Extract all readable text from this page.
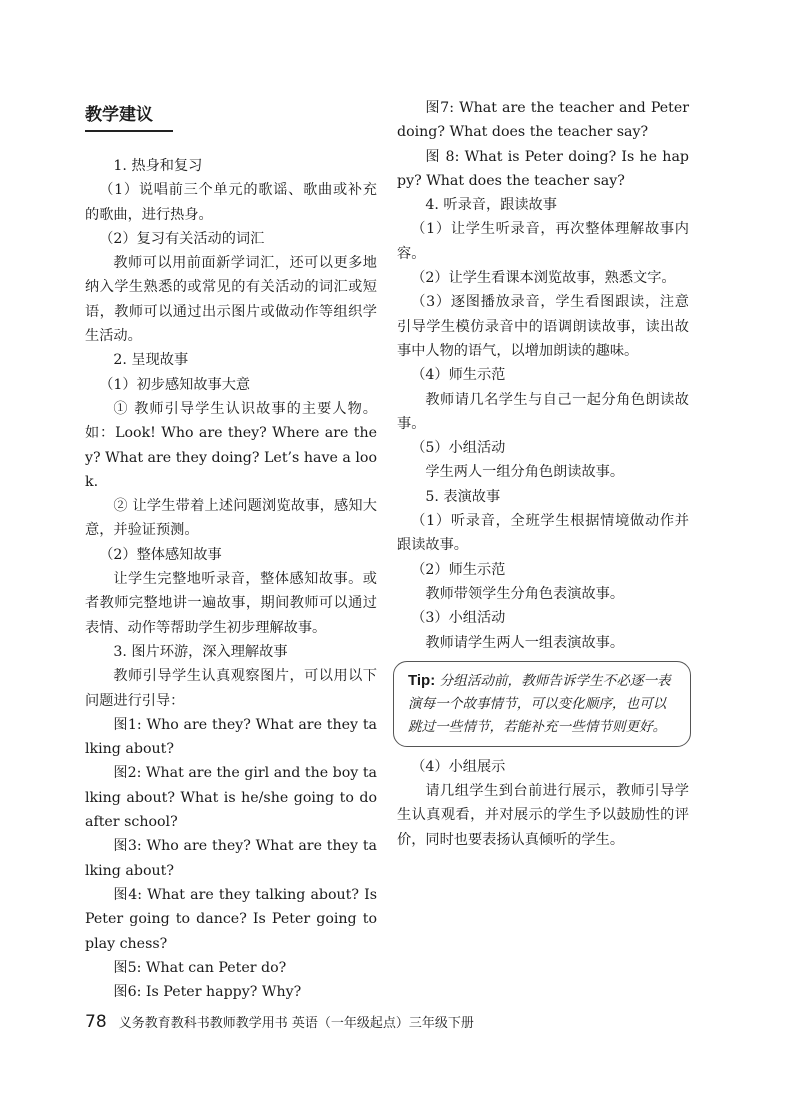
教学建议

1. 热身和复习

（1）说唱前三个单元的歌谣、歌曲或补充的歌曲，进行热身。

（2）复习有关活动的词汇

教师可以用前面新学词汇，还可以更多地纳入学生熟悉的或常见的有关活动的词汇或短语，教师可以通过出示图片或做动作等组织学生活动。

2. 呈现故事

（1）初步感知故事大意

① 教师引导学生认识故事的主要人物。如：Look! Who are they? Where are they? What are they doing? Let’s have a look.

② 让学生带着上述问题浏览故事，感知大意，并验证预测。

（2）整体感知故事

让学生完整地听录音，整体感知故事。或者教师完整地讲一遍故事，期间教师可以通过表情、动作等帮助学生初步理解故事。

3. 图片环游，深入理解故事

教师引导学生认真观察图片，可以用以下问题进行引导：

图1: Who are they? What are they talking about?

图2: What are the girl and the boy talking about? What is he/she going to do after school?

图3: Who are they? What are they talking about?

图4: What are they talking about? Is Peter going to dance? Is Peter going to play chess?

图5: What can Peter do?

图6: Is Peter happy? Why?

图7: What are the teacher and Peter doing? What does the teacher say?

图 8: What is Peter doing? Is he happy? What does the teacher say?

4. 听录音，跟读故事

（1）让学生听录音，再次整体理解故事内容。

（2）让学生看课本浏览故事，熟悉文字。

（3）逐图播放录音，学生看图跟读，注意引导学生模仿录音中的语调朗读故事，读出故事中人物的语气，以增加朗读的趣味。

（4）师生示范

教师请几名学生与自己一起分角色朗读故事。

（5）小组活动

学生两人一组分角色朗读故事。

5. 表演故事

（1）听录音，全班学生根据情境做动作并跟读故事。

（2）师生示范

教师带领学生分角色表演故事。

（3）小组活动

教师请学生两人一组表演故事。

Tip: 分组活动前，教师告诉学生不必逐一表演每一个故事情节，可以变化顺序，也可以跳过一些情节，若能补充一些情节则更好。

（4）小组展示

请几组学生到台前进行展示，教师引导学生认真观看，并对展示的学生予以鼓励性的评价，同时也要表扬认真倾听的学生。

78 义务教育教科书教师教学用书 英语（一年级起点）三年级下册
